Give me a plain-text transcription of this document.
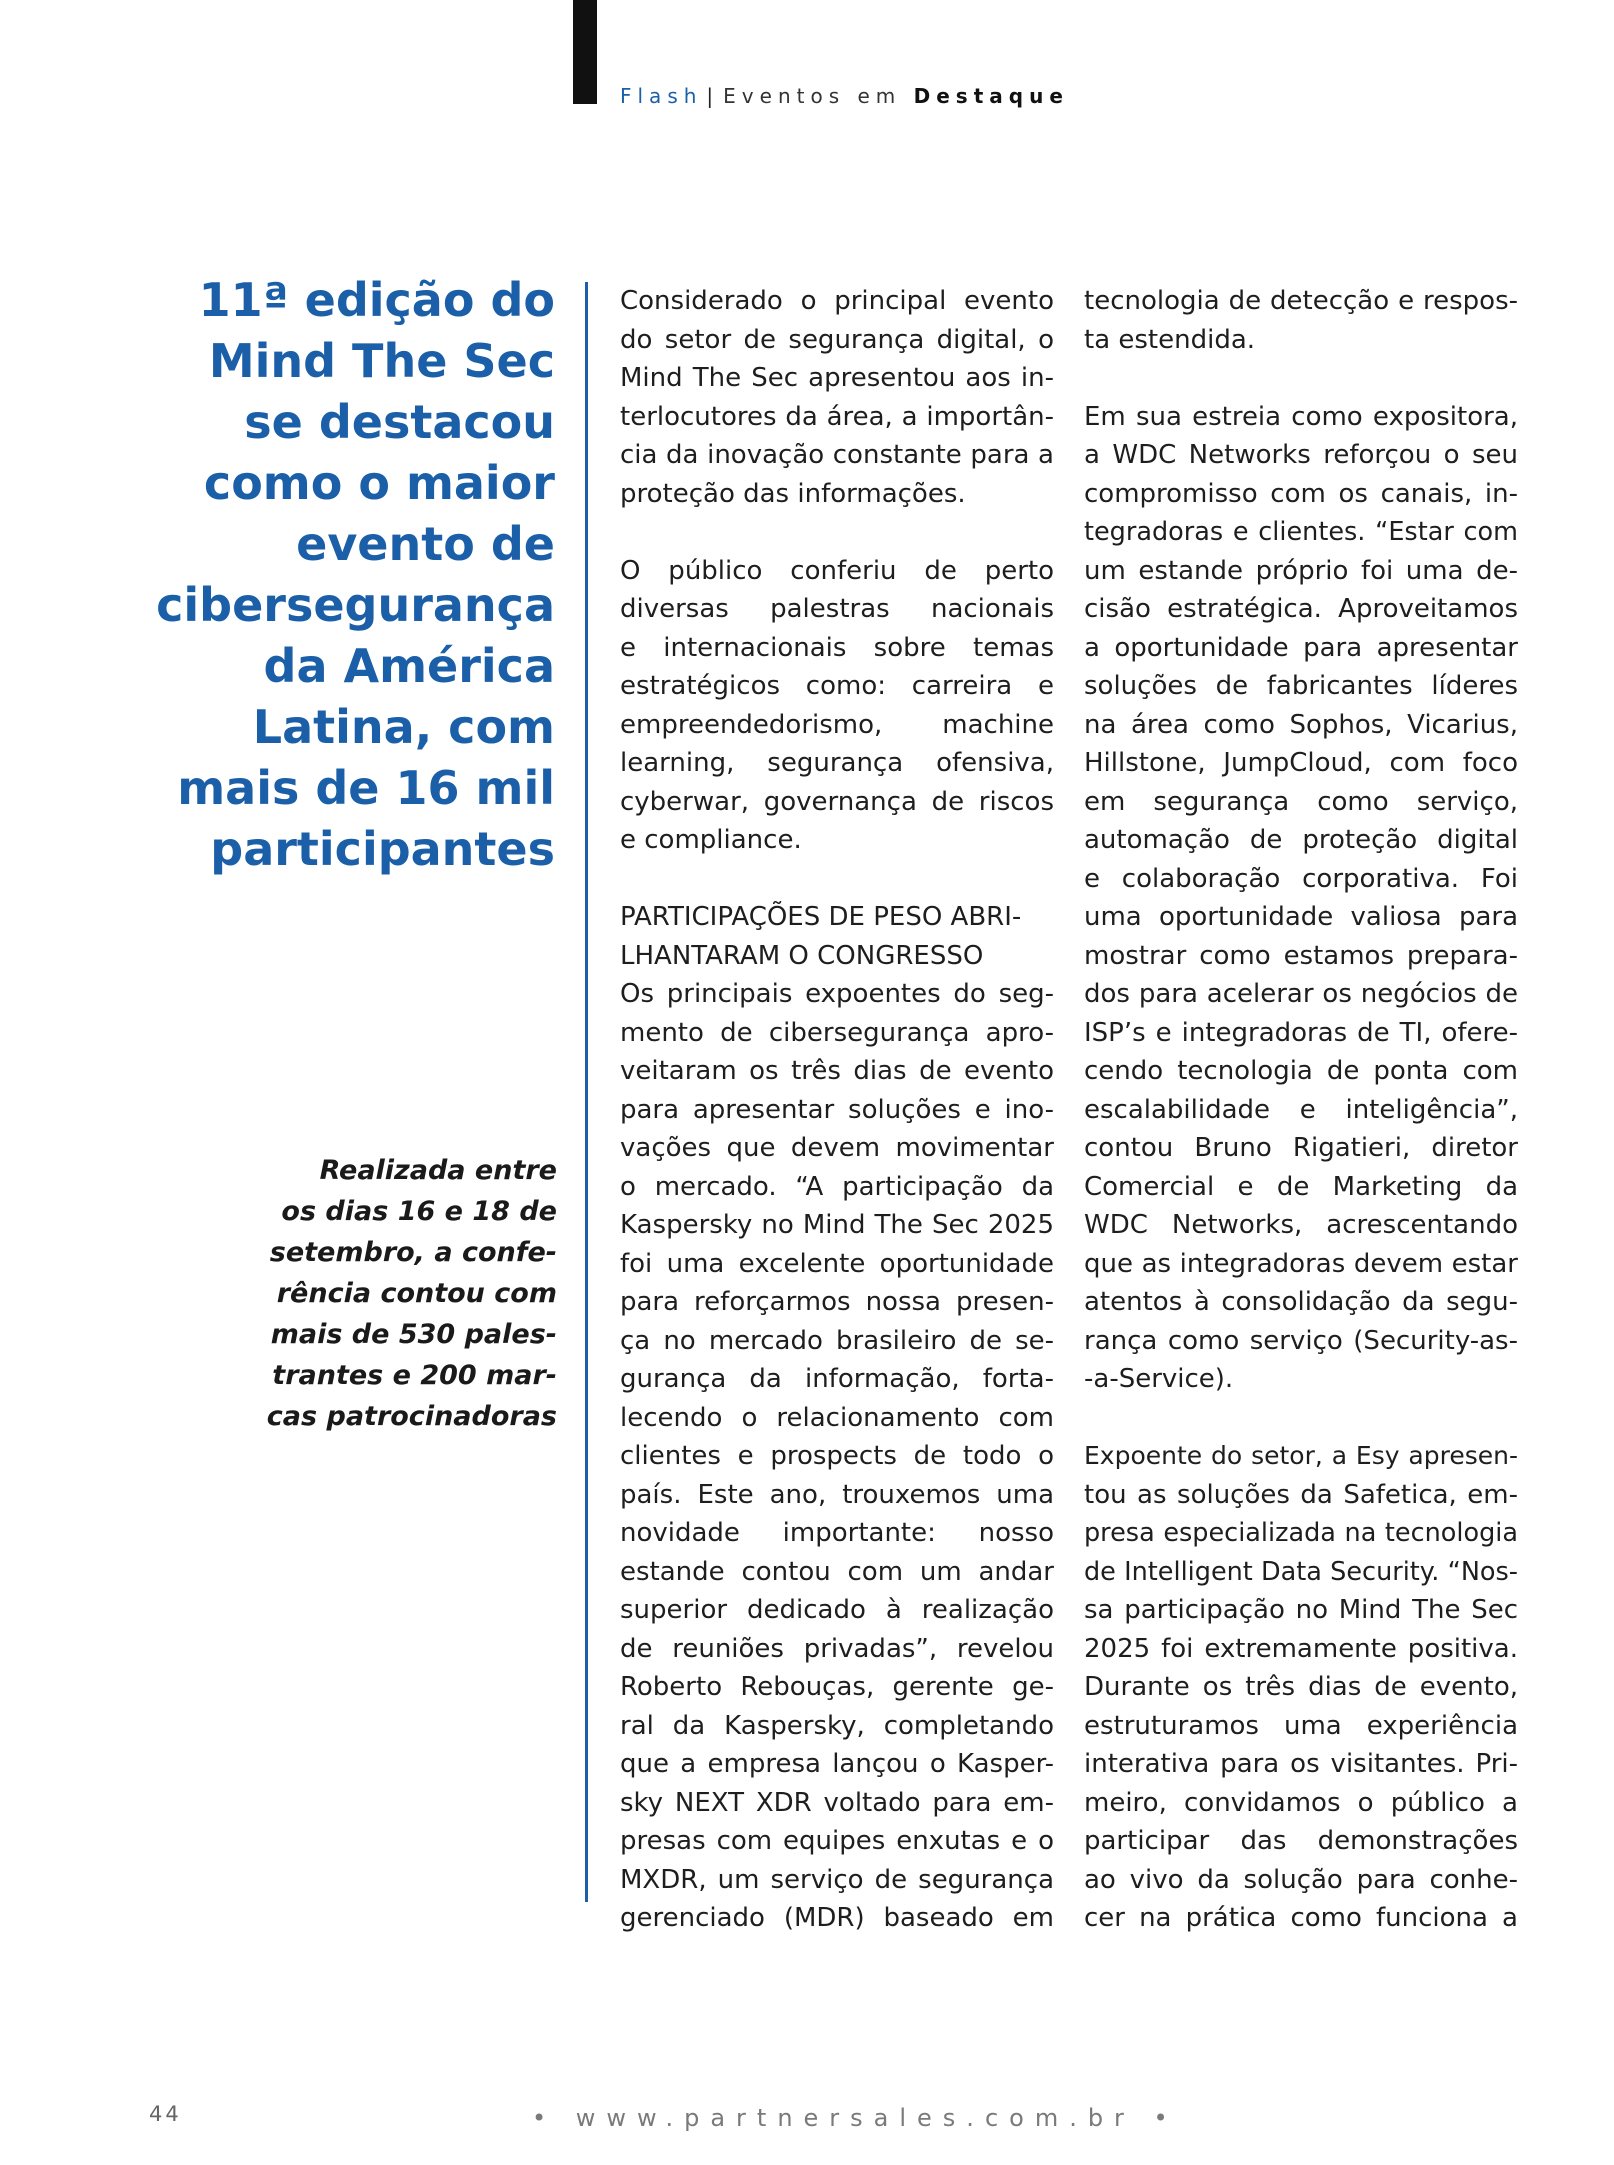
Flash | Eventos em Destaque
11ª edição do
Mind The Sec
se destacou
como o maior
evento de
cibersegurança
da América
Latina, com
mais de 16 mil
participantes
Realizada entre
os dias 16 e 18 de
setembro, a confe-
rência contou com
mais de 530 pales-
trantes e 200 mar-
cas patrocinadoras
Considerado o principal evento
do setor de segurança digital, o
Mind The Sec apresentou aos in-
terlocutores da área, a importân-
cia da inovação constante para a
proteção das informações.
O público conferiu de perto
diversas palestras nacionais
e internacionais sobre temas
estratégicos como: carreira e
empreendedorismo, machine
learning, segurança ofensiva,
cyberwar, governança de riscos
e compliance.
PARTICIPAÇÕES DE PESO ABRI-
LHANTARAM O CONGRESSO
Os principais expoentes do seg-
mento de cibersegurança apro-
veitaram os três dias de evento
para apresentar soluções e ino-
vações que devem movimentar
o mercado. “A participação da
Kaspersky no Mind The Sec 2025
foi uma excelente oportunidade
para reforçarmos nossa presen-
ça no mercado brasileiro de se-
gurança da informação, forta-
lecendo o relacionamento com
clientes e prospects de todo o
país. Este ano, trouxemos uma
novidade importante: nosso
estande contou com um andar
superior dedicado à realização
de reuniões privadas”, revelou
Roberto Rebouças, gerente ge-
ral da Kaspersky, completando
que a empresa lançou o Kasper-
sky NEXT XDR voltado para em-
presas com equipes enxutas e o
MXDR, um serviço de segurança
gerenciado (MDR) baseado em
tecnologia de detecção e respos-
ta estendida.
Em sua estreia como expositora,
a WDC Networks reforçou o seu
compromisso com os canais, in-
tegradoras e clientes. “Estar com
um estande próprio foi uma de-
cisão estratégica. Aproveitamos
a oportunidade para apresentar
soluções de fabricantes líderes
na área como Sophos, Vicarius,
Hillstone, JumpCloud, com foco
em segurança como serviço,
automação de proteção digital
e colaboração corporativa. Foi
uma oportunidade valiosa para
mostrar como estamos prepara-
dos para acelerar os negócios de
ISP’s e integradoras de TI, ofere-
cendo tecnologia de ponta com
escalabilidade e inteligência”,
contou Bruno Rigatieri, diretor
Comercial e de Marketing da
WDC Networks, acrescentando
que as integradoras devem estar
atentos à consolidação da segu-
rança como serviço (Security-as-
-a-Service).
Expoente do setor, a Esy apresen-
tou as soluções da Safetica, em-
presa especializada na tecnologia
de Intelligent Data Security. “Nos-
sa participação no Mind The Sec
2025 foi extremamente positiva.
Durante os três dias de evento,
estruturamos uma experiência
interativa para os visitantes. Pri-
meiro, convidamos o público a
participar das demonstrações
ao vivo da solução para conhe-
cer na prática como funciona a
44	• www.partnersales.com.br •
